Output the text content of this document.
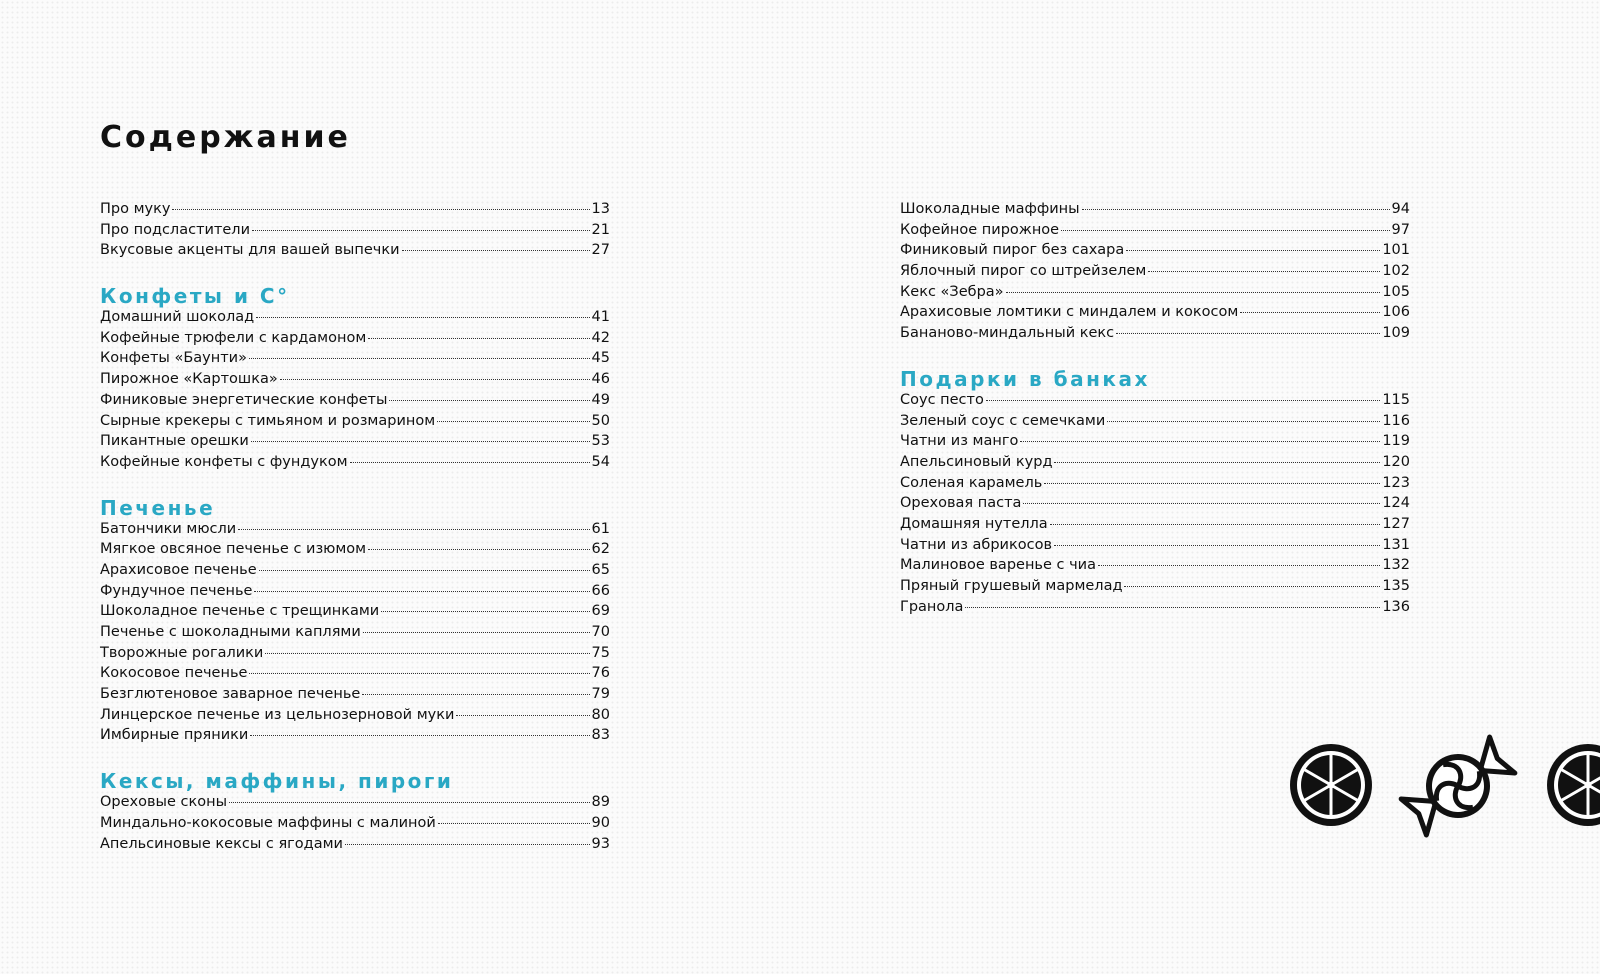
Содержание
Про муку	13
Про подсластители	21
Вкусовые акценты для вашей выпечки	27
Конфеты и С°
Домашний шоколад	41
Кофейные трюфели с кардамоном	42
Конфеты «Баунти»	45
Пирожное «Картошка»	46
Финиковые энергетические конфеты	49
Сырные крекеры с тимьяном и розмарином	50
Пикантные орешки	53
Кофейные конфеты с фундуком	54
Печенье
Батончики мюсли	61
Мягкое овсяное печенье с изюмом	62
Арахисовое печенье	65
Фундучное печенье	66
Шоколадное печенье с трещинками	69
Печенье с шоколадными каплями	70
Творожные рогалики	75
Кокосовое печенье	76
Безглютеновое заварное печенье	79
Линцерское печенье из цельнозерновой муки	80
Имбирные пряники	83
Кексы, маффины, пироги
Ореховые сконы	89
Миндально-кокосовые маффины с малиной	90
Апельсиновые кексы с ягодами	93
Шоколадные маффины	94
Кофейное пирожное	97
Финиковый пирог без сахара	101
Яблочный пирог со штрейзелем	102
Кекс «Зебра»	105
Арахисовые ломтики с миндалем и кокосом	106
Бананово-миндальный кекс	109
Подарки в банках
Соус песто	115
Зеленый соус с семечками	116
Чатни из манго	119
Апельсиновый курд	120
Соленая карамель	123
Ореховая паста	124
Домашняя нутелла	127
Чатни из абрикосов	131
Малиновое варенье с чиа	132
Пряный грушевый мармелад	135
Гранола	136
